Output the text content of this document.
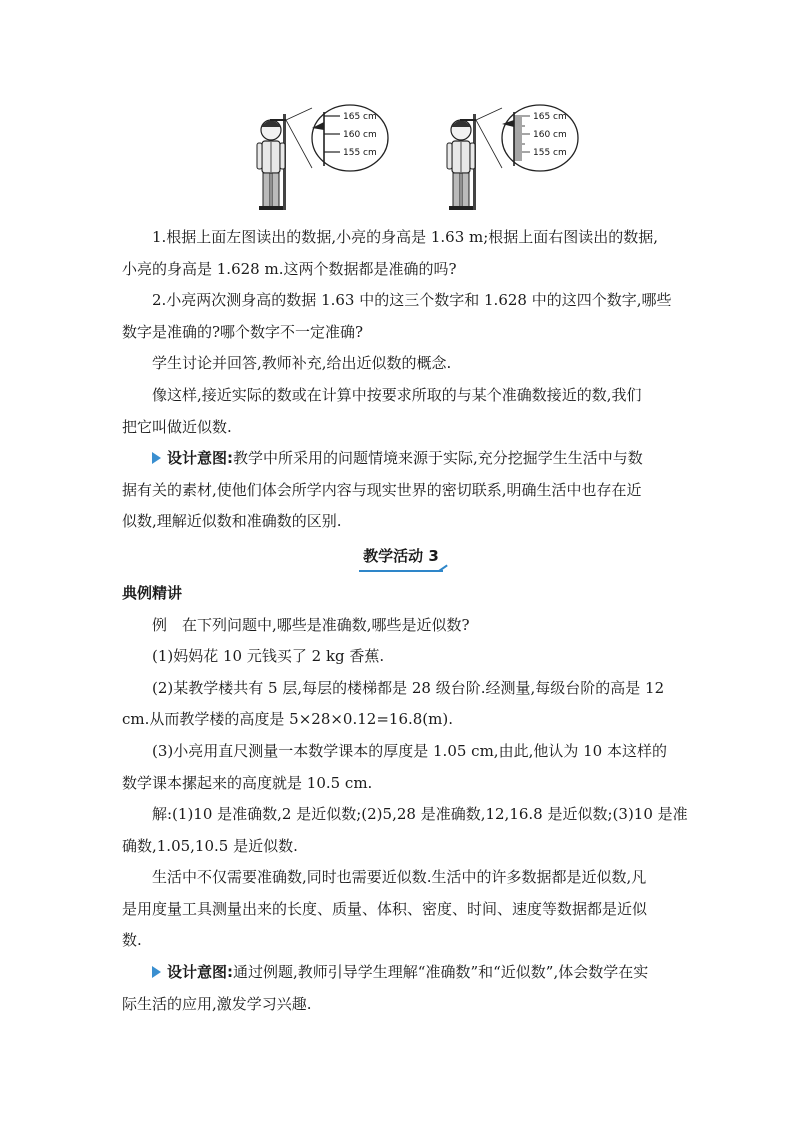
165 cm
160 cm
155 cm
165 cm
160 cm
155 cm
1.根据上面左图读出的数据,小亮的身高是 1.63 m;根据上面右图读出的数据,
小亮的身高是 1.628 m.这两个数据都是准确的吗?
2.小亮两次测身高的数据 1.63 中的这三个数字和 1.628 中的这四个数字,哪些
数字是准确的?哪个数字不一定准确?
学生讨论并回答,教师补充,给出近似数的概念.
像这样,接近实际的数或在计算中按要求所取的与某个准确数接近的数,我们
把它叫做近似数.
设计意图:教学中所采用的问题情境来源于实际,充分挖掘学生生活中与数
据有关的素材,使他们体会所学内容与现实世界的密切联系,明确生活中也存在近
似数,理解近似数和准确数的区别.
教学活动 3
典例精讲
例　在下列问题中,哪些是准确数,哪些是近似数?
(1)妈妈花 10 元钱买了 2 kg 香蕉.
(2)某教学楼共有 5 层,每层的楼梯都是 28 级台阶.经测量,每级台阶的高是 12
cm.从而教学楼的高度是 5×28×0.12=16.8(m).
(3)小亮用直尺测量一本数学课本的厚度是 1.05 cm,由此,他认为 10 本这样的
数学课本摞起来的高度就是 10.5 cm.
解:(1)10 是准确数,2 是近似数;(2)5,28 是准确数,12,16.8 是近似数;(3)10 是准
确数,1.05,10.5 是近似数.
生活中不仅需要准确数,同时也需要近似数.生活中的许多数据都是近似数,凡
是用度量工具测量出来的长度、质量、体积、密度、时间、速度等数据都是近似
数.
设计意图:通过例题,教师引导学生理解“准确数”和“近似数”,体会数学在实
际生活的应用,激发学习兴趣.
